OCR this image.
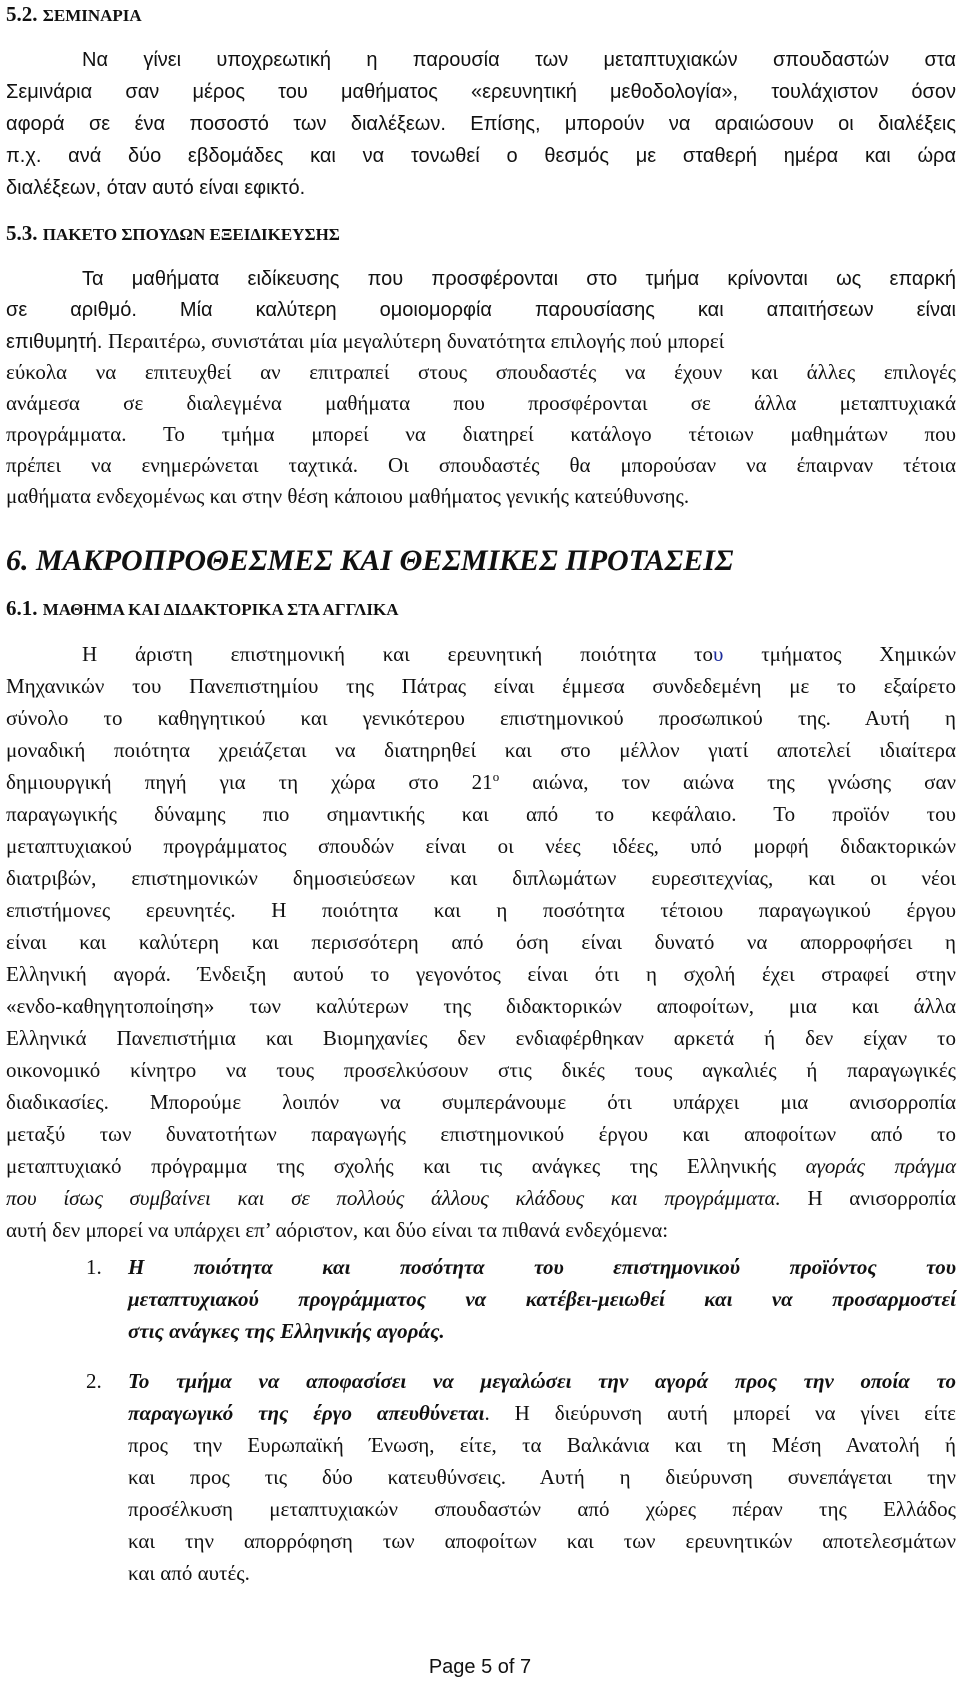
5.2. ΣΕΜΙΝΑΡΙΑ
Να γίνει υποχρεωτική η παρουσία των μεταπτυχιακών σπουδαστών στα
Σεμινάρια σαν μέρος του μαθήματος «ερευνητική μεθοδολογία», τουλάχιστον όσον
αφορά σε ένα ποσοστό των διαλέξεων. Επίσης, μπορούν να αραιώσουν οι διαλέξεις
π.χ. ανά δύο εβδομάδες και να τονωθεί ο θεσμός με σταθερή ημέρα και ώρα
διαλέξεων, όταν αυτό είναι εφικτό.
5.3. ΠΑΚΕΤΟ ΣΠΟΥΔΩΝ ΕΞΕΙΔΙΚΕΥΣΗΣ
Τα μαθήματα ειδίκευσης που προσφέρονται στο τμήμα κρίνονται ως επαρκή
σε αριθμό. Μία καλύτερη ομοιομορφία παρουσίασης και απαιτήσεων είναι
επιθυμητή. Περαιτέρω, συνιστάται μία μεγαλύτερη δυνατότητα επιλογής πού μπορεί
εύκολα να επιτευχθεί αν επιτραπεί στους σπουδαστές να έχουν και άλλες επιλογές
ανάμεσα σε διαλεγμένα μαθήματα που προσφέρονται σε άλλα μεταπτυχιακά
προγράμματα. Το τμήμα μπορεί να διατηρεί κατάλογο τέτοιων μαθημάτων που
πρέπει να ενημερώνεται ταχτικά. Οι σπουδαστές θα μπορούσαν να έπαιρναν τέτοια
μαθήματα ενδεχομένως και στην θέση κάποιου μαθήματος γενικής κατεύθυνσης.
6. ΜΑΚΡΟΠΡΟΘΕΣΜΕΣ ΚΑΙ ΘΕΣΜΙΚΕΣ ΠΡΟΤΑΣΕΙΣ
6.1. ΜΑΘΗΜΑ ΚΑΙ ΔΙΔΑΚΤΟΡΙΚΑ ΣΤΑ ΑΓΓΛΙΚΑ
Η άριστη επιστημονική και ερευνητική ποιότητα του τμήματος Χημικών
Μηχανικών του Πανεπιστημίου της Πάτρας είναι έμμεσα συνδεδεμένη με το εξαίρετο
σύνολο το καθηγητικού και γενικότερου επιστημονικού προσωπικού της. Αυτή η
μοναδική ποιότητα χρειάζεται να διατηρηθεί και στο μέλλον γιατί αποτελεί ιδιαίτερα
δημιουργική πηγή για τη χώρα στο $21^o$ αιώνα, τον αιώνα της γνώσης σαν
παραγωγικής δύναμης πιο σημαντικής και από το κεφάλαιο. Το προϊόν του
μεταπτυχιακού προγράμματος σπουδών είναι οι νέες ιδέες, υπό μορφή διδακτορικών
διατριβών, επιστημονικών δημοσιεύσεων και διπλωμάτων ευρεσιτεχνίας, και οι νέοι
επιστήμονες ερευνητές. Η ποιότητα και η ποσότητα τέτοιου παραγωγικού έργου
είναι και καλύτερη και περισσότερη από όση είναι δυνατό να απορροφήσει η
Ελληνική αγορά. Ένδειξη αυτού το γεγονότος είναι ότι η σχολή έχει στραφεί στην
«ενδο-καθηγητοποίηση» των καλύτερων της διδακτορικών αποφοίτων, μια και άλλα
Ελληνικά Πανεπιστήμια και Βιομηχανίες δεν ενδιαφέρθηκαν αρκετά ή δεν είχαν το
οικονομικό κίνητρο να τους προσελκύσουν στις δικές τους αγκαλιές ή παραγωγικές
διαδικασίες. Μπορούμε λοιπόν να συμπεράνουμε ότι υπάρχει μια ανισορροπία
μεταξύ των δυνατοτήτων παραγωγής επιστημονικού έργου και αποφοίτων από το
μεταπτυχιακό πρόγραμμα της σχολής και τις ανάγκες της Ελληνικής αγοράς πράγμα
που ίσως συμβαίνει και σε πολλούς άλλους κλάδους και προγράμματα. Η ανισορροπία
αυτή δεν μπορεί να υπάρχει επ’ αόριστον, και δύο είναι τα πιθανά ενδεχόμενα:
1. Η ποιότητα και ποσότητα του επιστημονικού προϊόντος του
μεταπτυχιακού προγράμματος να κατέβει-μειωθεί και να προσαρμοστεί
στις ανάγκες της Ελληνικής αγοράς.
2. Το τμήμα να αποφασίσει να μεγαλώσει την αγορά προς την οποία το
παραγωγικό της έργο απευθύνεται. Η διεύρυνση αυτή μπορεί να γίνει είτε
προς την Ευρωπαϊκή Ένωση, είτε, τα Βαλκάνια και τη Μέση Ανατολή ή
και προς τις δύο κατευθύνσεις. Αυτή η διεύρυνση συνεπάγεται την
προσέλκυση μεταπτυχιακών σπουδαστών από χώρες πέραν της Ελλάδος
και την απορρόφηση των αποφοίτων και των ερευνητικών αποτελεσμάτων
και από αυτές.
Page 5 of 7
